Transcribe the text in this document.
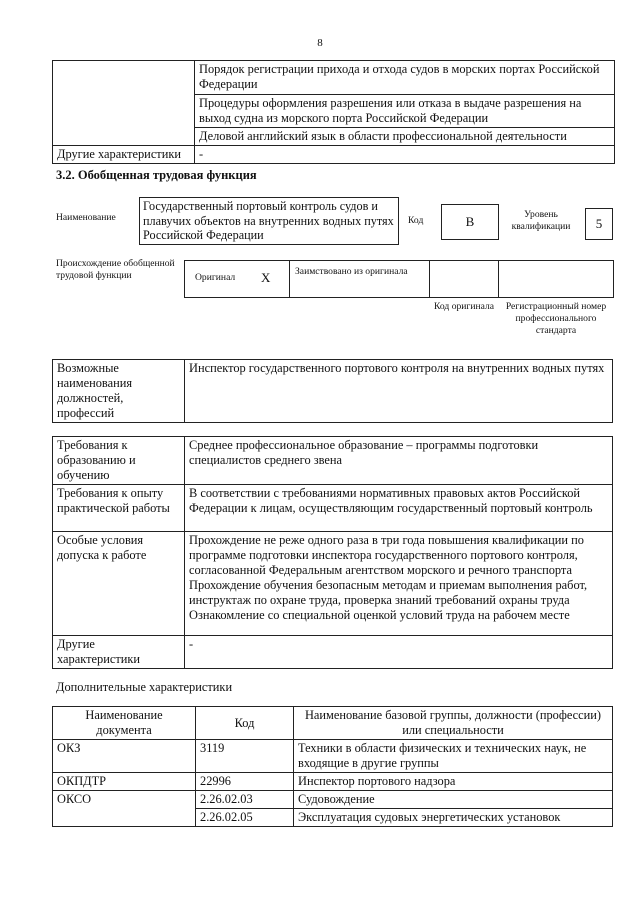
8
	Порядок регистрации прихода и отхода судов в морских портах Российской Федерации
	Процедуры оформления разрешения или отказа в выдаче разрешения на выход судна из морского порта Российской Федерации
	Деловой английский язык в области профессиональной деятельности
Другие характеристики	-
3.2. Обобщенная трудовая функция
Наименование
Государственный портовый контроль судов и плавучих объектов на внутренних водных путях Российской Федерации
Код	B	Уровень квалификации	5
Происхождение обобщенной трудовой функции	Оригинал X	Заимствовано из оригинала
Код оригинала	Регистрационный номер профессионального стандарта
Возможные наименования должностей, профессий	Инспектор государственного портового контроля на внутренних водных путях
Требования к образованию и обучению	Среднее профессиональное образование – программы подготовки специалистов среднего звена
Требования к опыту практической работы	В соответствии с требованиями нормативных правовых актов Российской Федерации к лицам, осуществляющим государственный портовый контроль
Особые условия допуска к работе	Прохождение не реже одного раза в три года повышения квалификации по программе подготовки инспектора государственного портового контроля, согласованной Федеральным агентством морского и речного транспорта
Прохождение обучения безопасным методам и приемам выполнения работ, инструктаж по охране труда, проверка знаний требований охраны труда
Ознакомление со специальной оценкой условий труда на рабочем месте

Другие характеристики	-
Дополнительные характеристики
Наименование документа	Код	Наименование базовой группы, должности (профессии) или специальности
ОКЗ	3119	Техники в области физических и технических наук, не входящие в другие группы
ОКПДТР	22996	Инспектор портового надзора
ОКСО	2.26.02.03	Судовождение
	2.26.02.05	Эксплуатация судовых энергетических установок
